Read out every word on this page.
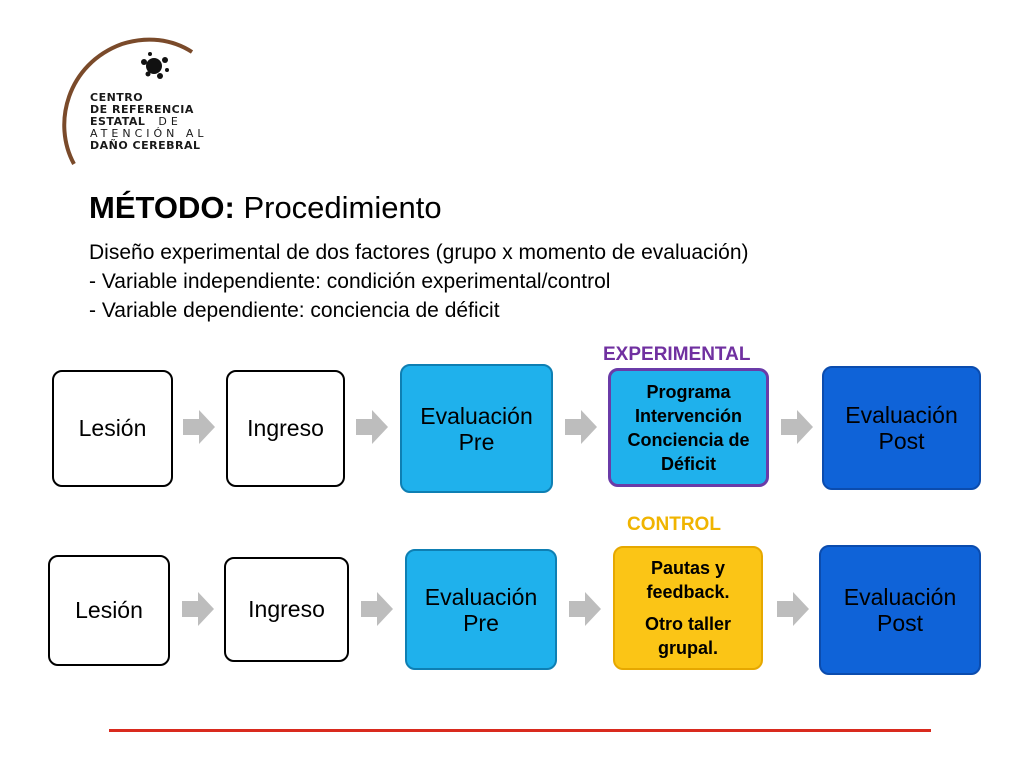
CENTRO
DE REFERENCIA
ESTATAL DE
ATENCIÓN AL
DAÑO CEREBRAL
MÉTODO: Procedimiento
Diseño experimental de dos factores (grupo x momento de evaluación)
- Variable independiente: condición experimental/control
- Variable dependiente: conciencia de déficit
EXPERIMENTAL
Lesión	Ingreso	Evaluación Pre
Programa Intervención Conciencia de Déficit
Evaluación Post
CONTROL
Lesión	Ingreso	Evaluación Pre
Pautas y feedback.
Otro taller grupal.
Evaluación Post
